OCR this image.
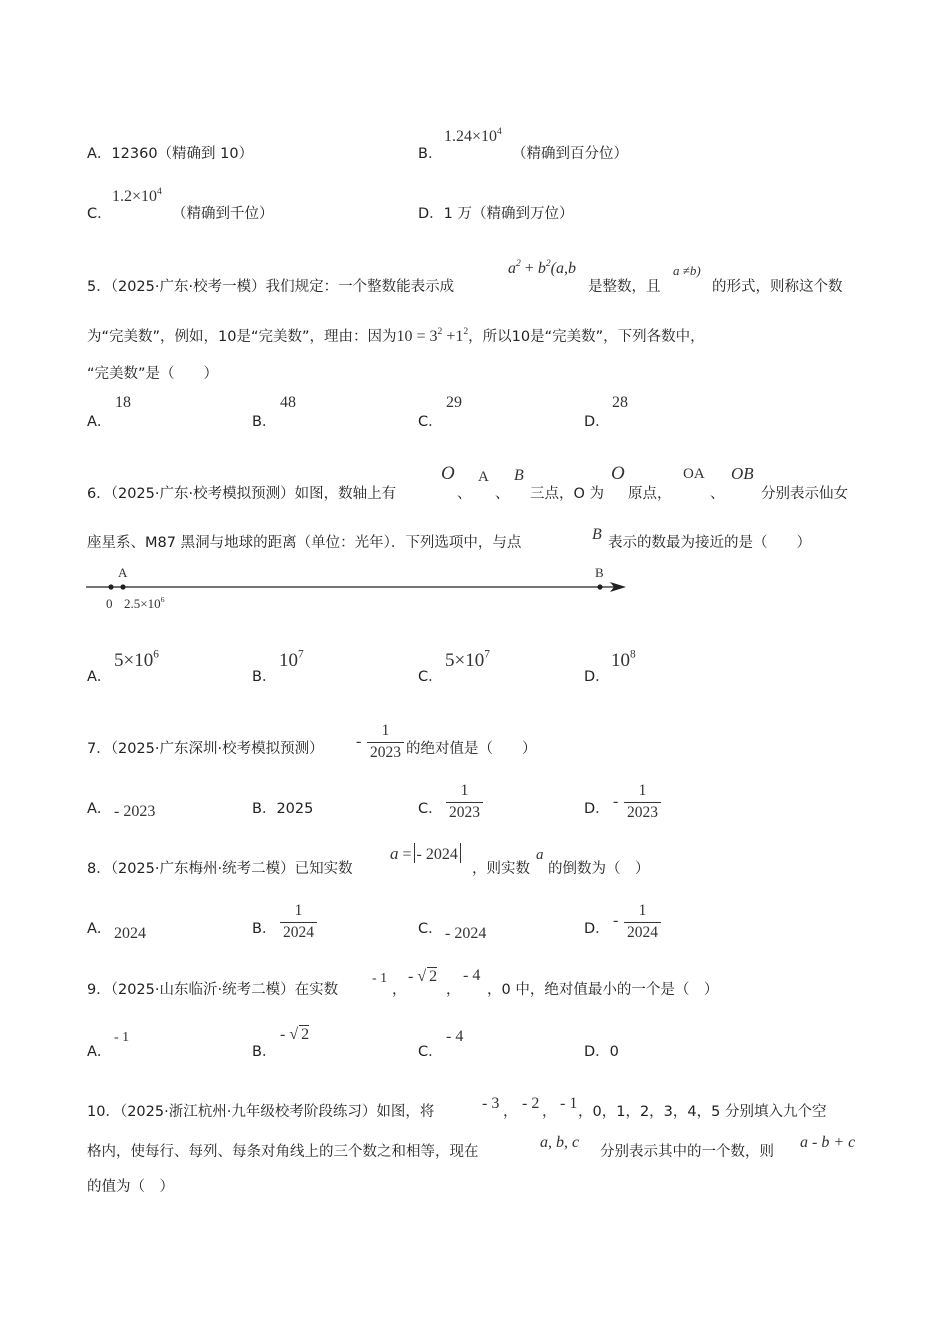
A．12360（精确到 10）	B．
$1.24\times 10^4$
（精确到百分位）
C．
$1.2\times 10^4$
（精确到千位）	D．1 万（精确到万位）
5．（2025·广东·校考一模）我们规定：一个整数能表示成
$a^2 + b^2(a,b$
是整数，且
a ≠b)
的形式，则称这个数
为“完美数”，例如，10是“完美数”，理由：因为$10 = 3^2 +1^2$，所以10是“完美数”，下列各数中，
“完美数”是（　　）
A．
18
B．
48
C．
29
D．
28
6．（2025·广东·校考模拟预测）如图，数轴上有
O
、
A
、
B
三点，O 为
O
原点，
OA
、
OB
分别表示仙女
座星系、M87 黑洞与地球的距离（单位：光年）．下列选项中，与点	B 表示的数最为接近的是（　　）
A	B
0 $2.5\times 10^6$
A．
$5\times 10^6$
B．
$10^7$
C．
$5\times 10^7$
D．
$10^8$
7．（2025·广东深圳·校考模拟预测） - $\frac{1}{2023}$ 的绝对值是（　　）
A． - 2023	B．2025	C． $\frac{1}{2023}$	D． - $\frac{1}{2023}$
8．（2025·广东梅州·统考二模）已知实数
a = - 2024
，则实数
a
的倒数为（　）
A． 2024	B． $\frac{1}{2024}$	C． - 2024	D． - $\frac{1}{2024}$
9．（2025·山东临沂·统考二模）在实数
- 1
，
- √ 2
，
- 4
，0 中，绝对值最小的一个是（　）
A．
- 1
B．
- √ 2
C．
- 4
D．0
10．（2025·浙江杭州·九年级校考阶段练习）如图，将	- 3 ， - 2 ， - 1 ，0，1，2，3，4，5 分别填入九个空
格内，使每行、每列、每条对角线上的三个数之和相等，现在
a, b, c
分别表示其中的一个数，则
a - b + c
的值为（　）
